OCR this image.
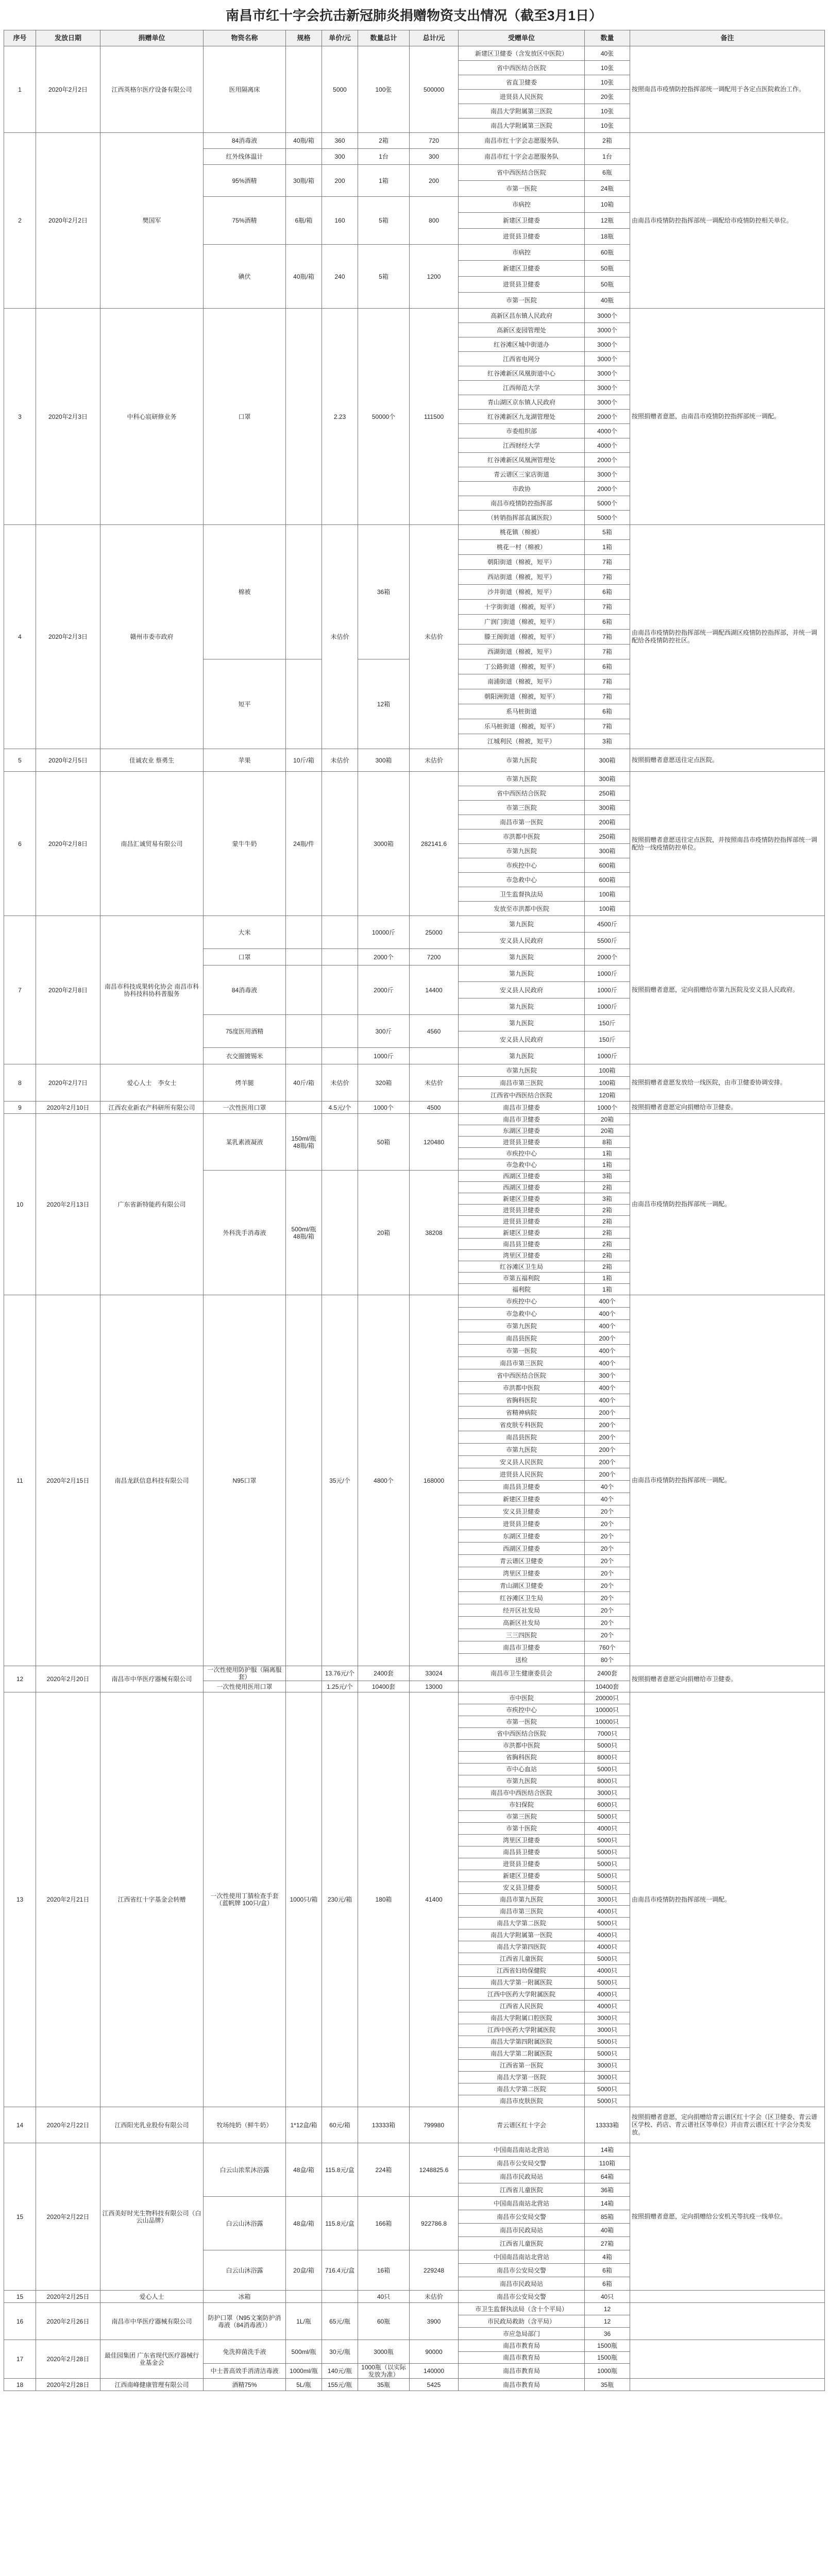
南昌市红十字会抗击新冠肺炎捐赠物资支出情况（截至3月1日）
序号	发放日期	捐赠单位	物资名称	规格	单价/元	数量总计	总计/元	受赠单位	数量	备注
1	2020年2月2日	江西英格尔医疗设备有限公司	医用隔离床		5000	100张	500000	新建区卫健委（含发放区中医院）	40张	按照南昌市疫情防控指挥部统一调配用于各定点医院救治工作。
								省中西医结合医院	10张	
								省直卫健委	10张	
								进贤县人民医院	20张	
								南昌大学附属第三医院	10张	
								南昌大学附属第三医院	10张	
2	2020年2月2日	樊国军	84消毒液	40瓶/箱	360	2箱	720	南昌市红十字会志愿服务队	2箱	由南昌市疫情防控指挥部统一调配给市疫情防控相关单位。
			红外线体温计		300	1台	300	南昌市红十字会志愿服务队	1台	
			95%酒精	30瓶/箱	200	1箱	200	省中西医结合医院	6瓶	
								市第一医院	24瓶	
			75%酒精	6瓶/箱	160	5箱	800	市病控	10箱	
								新建区卫健委	12瓶	
								进贤县卫健委	18瓶	
			碘伏	40瓶/箱	240	5箱	1200	市病控	60瓶	
								新建区卫健委	50瓶	
								进贤县卫健委	50瓶	
								市第一医院	40瓶	
3	2020年2月3日	中科心宸研修业务	口罩		2.23	50000个	111500	高新区昌东镇人民政府	3000个	按照捐赠者意愿，由南昌市疫情防控指挥部统一调配。
								高新区麦园管理处	3000个	
								红谷滩区城中街道办	3000个	
								江西省电网分	3000个	
								红谷滩新区凤凰街道中心	3000个	
								江西师范大学	3000个	
								青山湖区京东镇人民政府	3000个	
								红谷滩新区九龙湖管理处	2000个	
								市委组织部	4000个	
								江西财经大学	4000个	
								红谷滩新区凤凰洲管理处	2000个	
								青云谱区三家店街道	3000个	
								市政协	2000个	
								南昌市疫情防控指挥部	5000个	
								（转销指挥部直属医院）	5000个	
4	2020年2月3日	赣州市委市政府	棉被		未估价	36箱	未估价	桃花镇（棉被）	5箱	由南昌市疫情防控指挥部统一调配西湖区疫情防控指挥部，并统一调配给各疫情防控社区。
								桃花一村（棉被）	1箱	
								朝阳街道（棉被，短平）	7箱	
								西站街道（棉被，短平）	7箱	
								沙井街道（棉被，短平）	6箱	
								十字街街道（棉被，短平）	7箱	
								广润门街道（棉被，短平）	6箱	
								滕王阁街道（棉被，短平）	7箱	
								西湖街道（棉被，短平）	7箱	
			短平			12箱		丁公路街道（棉被，短平）	6箱	
								南浦街道（棉被，短平）	7箱	
								朝阳洲街道（棉被，短平）	7箱	
								系马桩街道	6箱	
								乐马桩街道（棉被，短平）	7箱	
								江城利民（棉被，短平）	3箱	
5	2020年2月5日	佳诚农业 蔡勇生	苹果	10斤/箱	未估价	300箱	未估价	市第九医院	300箱	按照捐赠者意愿送往定点医院。
6	2020年2月8日	南昌汇诚贸易有限公司	蒙牛牛奶	24瓶/件		3000箱	282141.6	市第九医院	300箱	按照捐赠者意愿送往定点医院，并按照南昌市疫情防控指挥部统一调配给一线疫情防控单位。
								省中西医结合医院	250箱	
								市第三医院	300箱	
								南昌市第一医院	200箱	
								市洪都中医院	250箱	
								市第九医院	300箱	
								市疾控中心	600箱	
								市急救中心	600箱	
								卫生监督执法局	100箱	
								发放至市洪都中医院	100箱	
7	2020年2月8日	南昌市科技成果转化协会 南昌市科协科技科协科普服务	大米			10000斤	25000	第九医院	4500斤	按照捐赠者意愿，定向捐赠给市第九医院及安义县人民政府。
								安义县人民政府	5500斤	
			口罩			2000个	7200	第九医院	2000个	
			84消毒液			2000斤	14400	第九医院	1000斤	
								安义县人民政府	1000斤	
								第九医院	1000斤	
			75度医用酒精			300斤	4560	第九医院	150斤	
								安义县人民政府	150斤	
			衣交圈镀锡米			1000斤		第九医院	1000斤	
8	2020年2月7日	爱心人士　李女士	烤羊腿	40斤/箱	未估价	320箱	未估价	市第九医院	100箱	按照捐赠者意愿发放给一线医院，由市卫健委协调安排。
								南昌市第三医院	100箱	
								江西省中西医结合医院	120箱	
9	2020年2月10日	江西农业新农产科研所有限公司	一次性医用口罩		4.5元/个	1000个	4500	南昌市卫健委	1000个	按照捐赠者意愿定向捐赠给市卫健委。
10	2020年2月13日	广东省新特能药有限公司	某乳素液凝液	150ml/瓶 48瓶/箱		50箱	120480	南昌市卫健委	20箱	由南昌市疫情防控指挥部统一调配。
								东湖区卫健委	20箱	
								进贤县卫健委	8箱	
								市疾控中心	1箱	
								市急救中心	1箱	
			外科洗手消毒液	500ml/瓶 48瓶/箱		20箱	38208	西湖区卫健委	3箱	
								西湖区卫健委	2箱	
								新建区卫健委	3箱	
								进贤县卫健委	2箱	
								进贤县卫健委	2箱	
								新建区卫健委	2箱	
								南昌县卫健委	2箱	
								湾里区卫健委	2箱	
								红谷滩区卫生局	2箱	
								市第五福利院	1箱	
								福利院	1箱	
11	2020年2月15日	南昌龙跃信息科技有限公司	N95口罩		35元/个	4800个	168000	市疾控中心	400个	由南昌市疫情防控指挥部统一调配。
								市急救中心	400个	
								市第九医院	400个	
								南昌县医院	200个	
								市第一医院	400个	
								南昌市第三医院	400个	
								省中西医结合医院	300个	
								市洪都中医院	400个	
								省胸科医院	400个	
								省精神病院	200个	
								省皮肤专科医院	200个	
								南昌县医院	200个	
								市第九医院	200个	
								安义县人民医院	200个	
								进贤县人民医院	200个	
								南昌县卫健委	40个	
								新建区卫健委	40个	
								安义县卫健委	20个	
								进贤县卫健委	20个	
								东湖区卫健委	20个	
								西湖区卫健委	20个	
								青云谱区卫健委	20个	
								湾里区卫健委	20个	
								青山湖区卫健委	20个	
								红谷滩区卫生局	20个	
								经开区社发局	20个	
								高新区社发局	20个	
								三三四医院	20个	
								南昌市卫健委	760个	
								送检	80个	
12	2020年2月20日	南昌市中华医疗器械有限公司	一次性使用防护服（隔离服套）		13.76元/个	2400套	33024	南昌市卫生健康委员会	2400套	按照捐赠者意愿定向捐赠给市卫健委。
			一次性使用医用口罩		1.25元/个	10400套	13000		10400套	
13	2020年2月21日	江西省红十字基金会转赠	一次性使用丁腈检查手套（蓝帆牌 100只/盒）	1000只/箱	230元/箱	180箱	41400	市中医院	20000只	由南昌市疫情防控指挥部统一调配。
								市疾控中心	10000只	
								市第一医院	10000只	
								省中西医结合医院	7000只	
								市洪都中医院	5000只	
								省胸科医院	8000只	
								市中心血站	5000只	
								市第九医院	8000只	
								南昌市中西医结合医院	3000只	
								市妇保院	6000只	
								市第三医院	5000只	
								市第十医院	4000只	
								湾里区卫健委	5000只	
								南昌县卫健委	5000只	
								进贤县卫健委	5000只	
								新建区卫健委	5000只	
								安义县卫健委	5000只	
								南昌市第九医院	3000只	
								南昌市第三医院	4000只	
								南昌大学第二医院	5000只	
								南昌大学附属第一医院	4000只	
								南昌大学第四医院	4000只	
								江西省儿童医院	5000只	
								江西省妇幼保健院	4000只	
								南昌大学第一附属医院	5000只	
								江西中医药大学附属医院	4000只	
								江西省人民医院	4000只	
								南昌大学附属口腔医院	3000只	
								江西中医药大学附属医院	3000只	
								南昌大学第四附属医院	5000只	
								南昌大学第二附属医院	5000只	
								江西省第一医院	3000只	
								南昌大学第一医院	3000只	
								南昌大学第二医院	5000只	
								南昌市皮肤医院	5000只	
14	2020年2月22日	江西阳光乳业股份有限公司	牧场纯奶（鲜牛奶）	1*12盒/箱	60元/箱	13333箱	799980	青云谱区红十字会	13333箱	按照捐赠者意愿，定向捐赠给青云谱区红十字会（区卫健委、青云谱区学校、药店、青云谱社区等单位）并由青云谱区红十字会分类发放。
15	2020年2月22日	江西美好时光生物科技有限公司（白云山品牌）	白云山浓浆沐浴露	48盒/箱	115.8元/盒	224箱	1248825.6	中国南昌南站北营站	14箱	按照捐赠者意愿，定向捐赠给公安机关等抗疫一线单位。
								南昌市公安局交警	110箱	
								南昌市民政局站	64箱	
								江西省儿童医院	36箱	
			白云山沐浴露	48盒/箱	115.8元/盒	166箱	922786.8	中国南昌南站北营站	14箱	
								南昌市公安局交警	85箱	
								南昌市民政局站	40箱	
								江西省儿童医院	27箱	
			白云山沐浴露	20盒/箱	716.4元/盒	16箱	229248	中国南昌南站北营站	4箱	
								南昌市公安局交警	6箱	
								南昌市民政局站	6箱	
15	2020年2月25日	爱心人士	冰箱			40只	未估价	南昌市公安局交警	40只	
16	2020年2月26日	南昌市中华医疗器械有限公司	防护口罩（N95文案防护消毒液（84消毒液））	1L/瓶	65元/瓶	60瓶	3900	市卫生监督执法局（含十个平局）	12	
								市民政局救助（含平局）	12	
								市应急局部门	36	
17	2020年2月28日	最佳园集团 广东省现代医疗器械行业基金会	免洗抑菌洗手液	500ml/瓶	30元/瓶	3000瓶	90000	南昌市教育局	1500瓶	
								南昌市教育局	1500瓶	
			中士普高效手消清洁毒液	1000ml/瓶	140元/瓶	1000瓶（以实际发放为准）	140000	南昌市教育局	1000瓶	
18	2020年2月28日	江西南峰健康管理有限公司	酒精75%	5L/瓶	155元/瓶	35瓶	5425	南昌市教育局	35瓶	
